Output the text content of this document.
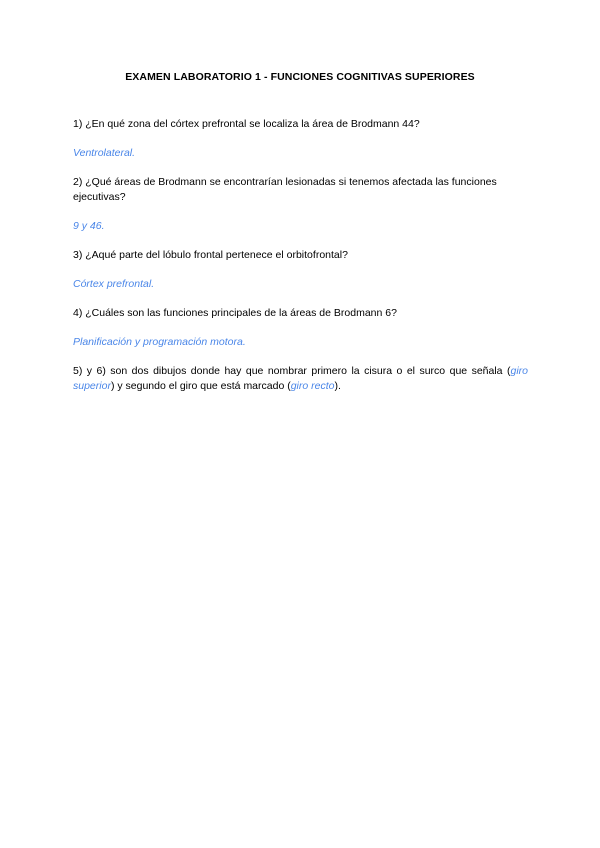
EXAMEN LABORATORIO 1 - FUNCIONES COGNITIVAS SUPERIORES

1) ¿En qué zona del córtex prefrontal se localiza la área de Brodmann 44?

Ventrolateral.

2) ¿Qué áreas de Brodmann se encontrarían lesionadas si tenemos afectada las funciones ejecutivas?

9 y 46.

3) ¿Aqué parte del lóbulo frontal pertenece el orbitofrontal?

Córtex prefrontal.

4) ¿Cuáles son las funciones principales de la áreas de Brodmann 6?

Planificación y programación motora.

5) y 6) son dos dibujos donde hay que nombrar primero la cisura o el surco que señala (giro superior) y segundo el giro que está marcado (giro recto).
